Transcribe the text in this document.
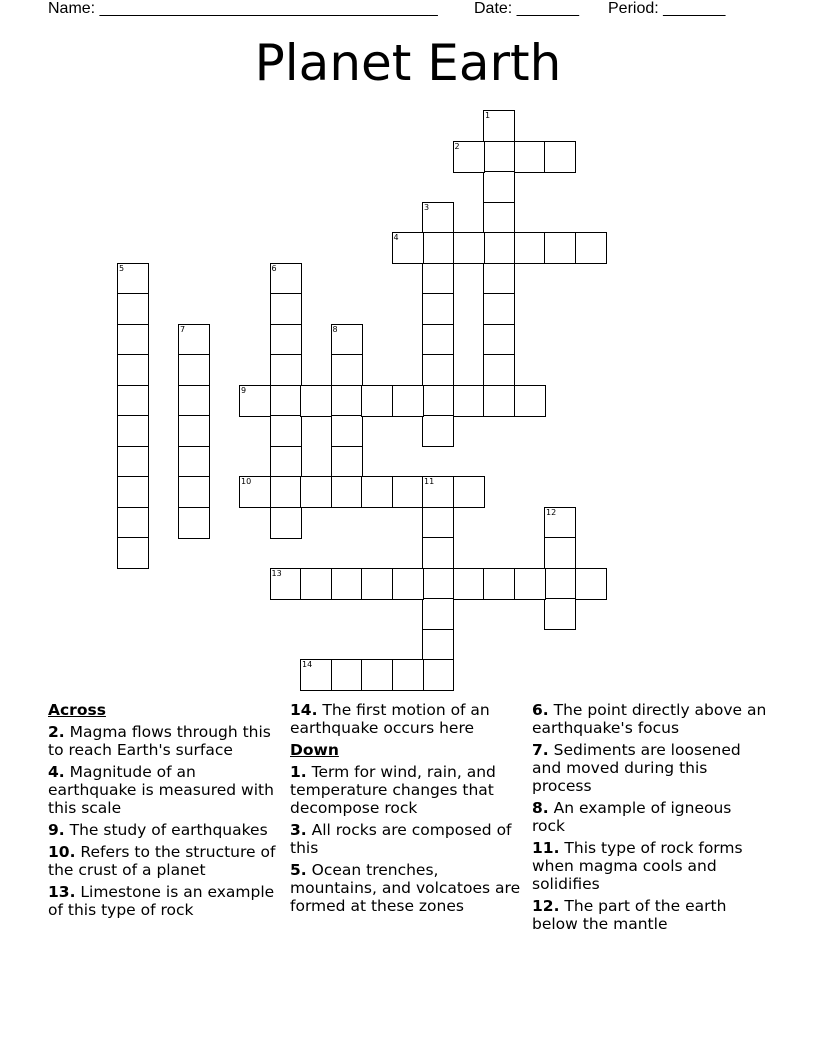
Name: ______________________________________ Date: _______ Period: _______
Planet Earth
1
2
3
4
5	6
7	8
9
10	11
12
13
14
Across
2. Magma flows through this to reach Earth's surface
4. Magnitude of an earthquake is measured with this scale
9. The study of earthquakes
10. Refers to the structure of the crust of a planet
13. Limestone is an example of this type of rock
14. The first motion of an earthquake occurs here
Down
1. Term for wind, rain, and temperature changes that decompose rock
3. All rocks are composed of this
5. Ocean trenches, mountains, and volcatoes are formed at these zones
6. The point directly above an earthquake's focus
7. Sediments are loosened and moved during this process
8. An example of igneous rock
11. This type of rock forms when magma cools and solidifies
12. The part of the earth below the mantle
